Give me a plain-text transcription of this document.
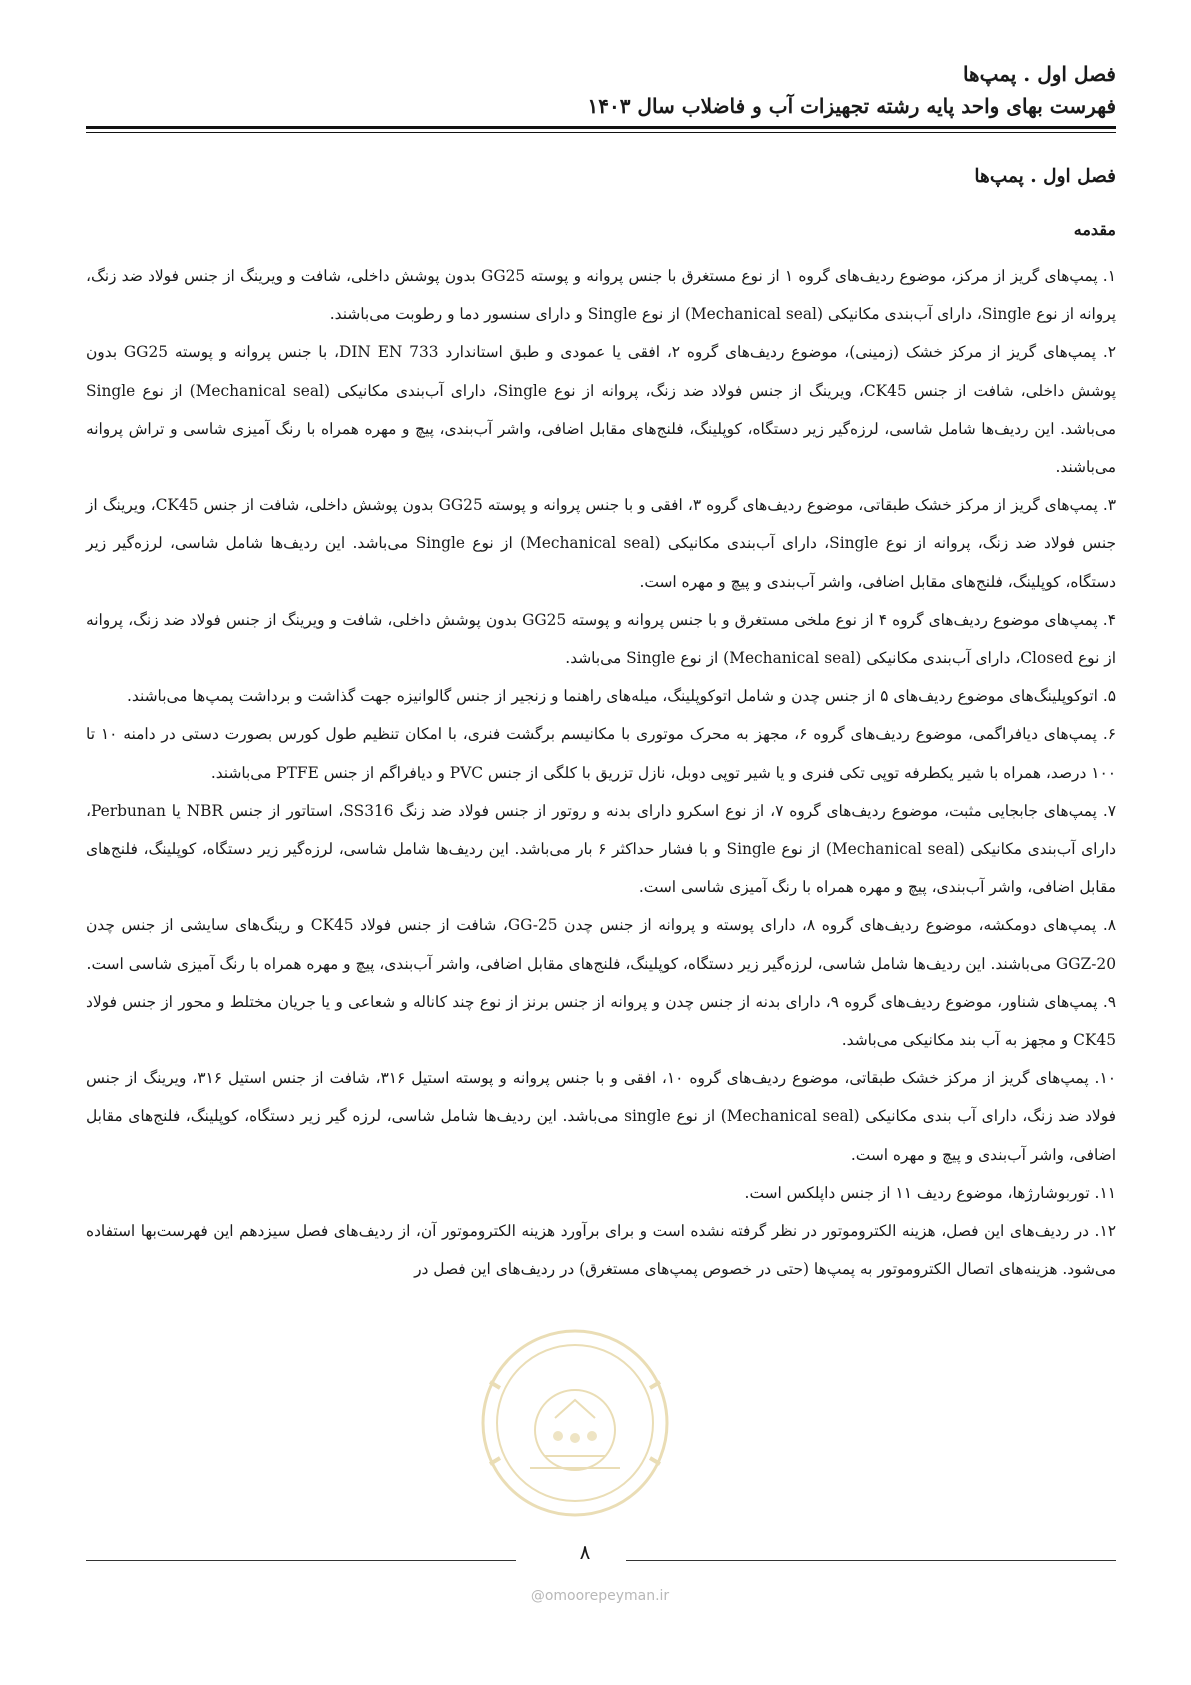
فصل اول . پمپ‌ها
فهرست بهای واحد پایه رشته تجهیزات آب و فاضلاب سال ۱۴۰۳
فصل اول . پمپ‌ها
مقدمه

۱. پمپ‌های گریز از مرکز، موضوع ردیف‌های گروه ۱ از نوع مستغرق با جنس پروانه و پوسته GG25 بدون پوشش داخلی، شافت و ویرینگ از جنس فولاد ضد زنگ، پروانه از نوع Single، دارای آب‌بندی مکانیکی (Mechanical seal) از نوع Single و دارای سنسور دما و رطوبت می‌باشند.

۲. پمپ‌های گریز از مرکز خشک (زمینی)، موضوع ردیف‌های گروه ۲، افقی یا عمودی و طبق استاندارد DIN EN 733، با جنس پروانه و پوسته GG25 بدون پوشش داخلی، شافت از جنس CK45، ویرینگ از جنس فولاد ضد زنگ، پروانه از نوع Single، دارای آب‌بندی مکانیکی (Mechanical seal) از نوع Single می‌باشد. این ردیف‌ها شامل شاسی، لرزه‌گیر زیر دستگاه، کوپلینگ، فلنج‌های مقابل اضافی، واشر آب‌بندی، پیچ و مهره همراه با رنگ آمیزی شاسی و تراش پروانه می‌باشند.

۳. پمپ‌های گریز از مرکز خشک طبقاتی، موضوع ردیف‌های گروه ۳، افقی و با جنس پروانه و پوسته GG25 بدون پوشش داخلی، شافت از جنس CK45، ویرینگ از جنس فولاد ضد زنگ، پروانه از نوع Single، دارای آب‌بندی مکانیکی (Mechanical seal) از نوع Single می‌باشد. این ردیف‌ها شامل شاسی، لرزه‌گیر زیر دستگاه، کوپلینگ، فلنج‌های مقابل اضافی، واشر آب‌بندی و پیچ و مهره است.

۴. پمپ‌های موضوع ردیف‌های گروه ۴ از نوع ملخی مستغرق و با جنس پروانه و پوسته GG25 بدون پوشش داخلی، شافت و ویرینگ از جنس فولاد ضد زنگ، پروانه از نوع Closed، دارای آب‌بندی مکانیکی (Mechanical seal) از نوع Single می‌باشد.

۵. اتوکوپلینگ‌های موضوع ردیف‌های ۵ از جنس چدن و شامل اتوکوپلینگ، میله‌های راهنما و زنجیر از جنس گالوانیزه جهت گذاشت و برداشت پمپ‌ها می‌باشند.

۶. پمپ‌های دیافراگمی، موضوع ردیف‌های گروه ۶، مجهز به محرک موتوری با مکانیسم برگشت فنری، با امکان تنظیم طول کورس بصورت دستی در دامنه ۱۰ تا ۱۰۰ درصد، همراه با شیر یکطرفه توپی تکی فنری و یا شیر توپی دوبل، نازل تزریق با کلگی از جنس PVC و دیافراگم از جنس PTFE می‌باشند.

۷. پمپ‌های جابجایی مثبت، موضوع ردیف‌های گروه ۷، از نوع اسکرو دارای بدنه و روتور از جنس فولاد ضد زنگ SS316، استاتور از جنس NBR یا Perbunan، دارای آب‌بندی مکانیکی (Mechanical seal) از نوع Single و با فشار حداکثر ۶ بار می‌باشد. این ردیف‌ها شامل شاسی، لرزه‌گیر زیر دستگاه، کوپلینگ، فلنج‌های مقابل اضافی، واشر آب‌بندی، پیچ و مهره همراه با رنگ آمیزی شاسی است.

۸. پمپ‌های دومکشه، موضوع ردیف‌های گروه ۸، دارای پوسته و پروانه از جنس چدن GG-25، شافت از جنس فولاد CK45 و رینگ‌های سایشی از جنس چدن GGZ-20 می‌باشند. این ردیف‌ها شامل شاسی، لرزه‌گیر زیر دستگاه، کوپلینگ، فلنج‌های مقابل اضافی، واشر آب‌بندی، پیچ و مهره همراه با رنگ آمیزی شاسی است.

۹. پمپ‌های شناور، موضوع ردیف‌های گروه ۹، دارای بدنه از جنس چدن و پروانه از جنس برنز از نوع چند کاناله و شعاعی و یا جریان مختلط و محور از جنس فولاد CK45 و مجهز به آب بند مکانیکی می‌باشد.

۱۰. پمپ‌های گریز از مرکز خشک طبقاتی، موضوع ردیف‌های گروه ۱۰، افقی و با جنس پروانه و پوسته استیل ۳۱۶، شافت از جنس استیل ۳۱۶، ویرینگ از جنس فولاد ضد زنگ، دارای آب بندی مکانیکی (Mechanical seal) از نوع single می‌باشد. این ردیف‌ها شامل شاسی، لرزه گیر زیر دستگاه، کوپلینگ، فلنج‌های مقابل اضافی، واشر آب‌بندی و پیچ و مهره است.

۱۱. توربوشارژها، موضوع ردیف ۱۱ از جنس داپلکس است.

۱۲. در ردیف‌های این فصل، هزینه الکتروموتور در نظر گرفته نشده است و برای برآورد هزینه الکتروموتور آن، از ردیف‌های فصل سیزدهم این فهرست‌بها استفاده می‌شود. هزینه‌های اتصال الکتروموتور به پمپ‌ها (حتی در خصوص پمپ‌های مستغرق) در ردیف‌های این فصل در

۸
@omoorepeyman.ir
